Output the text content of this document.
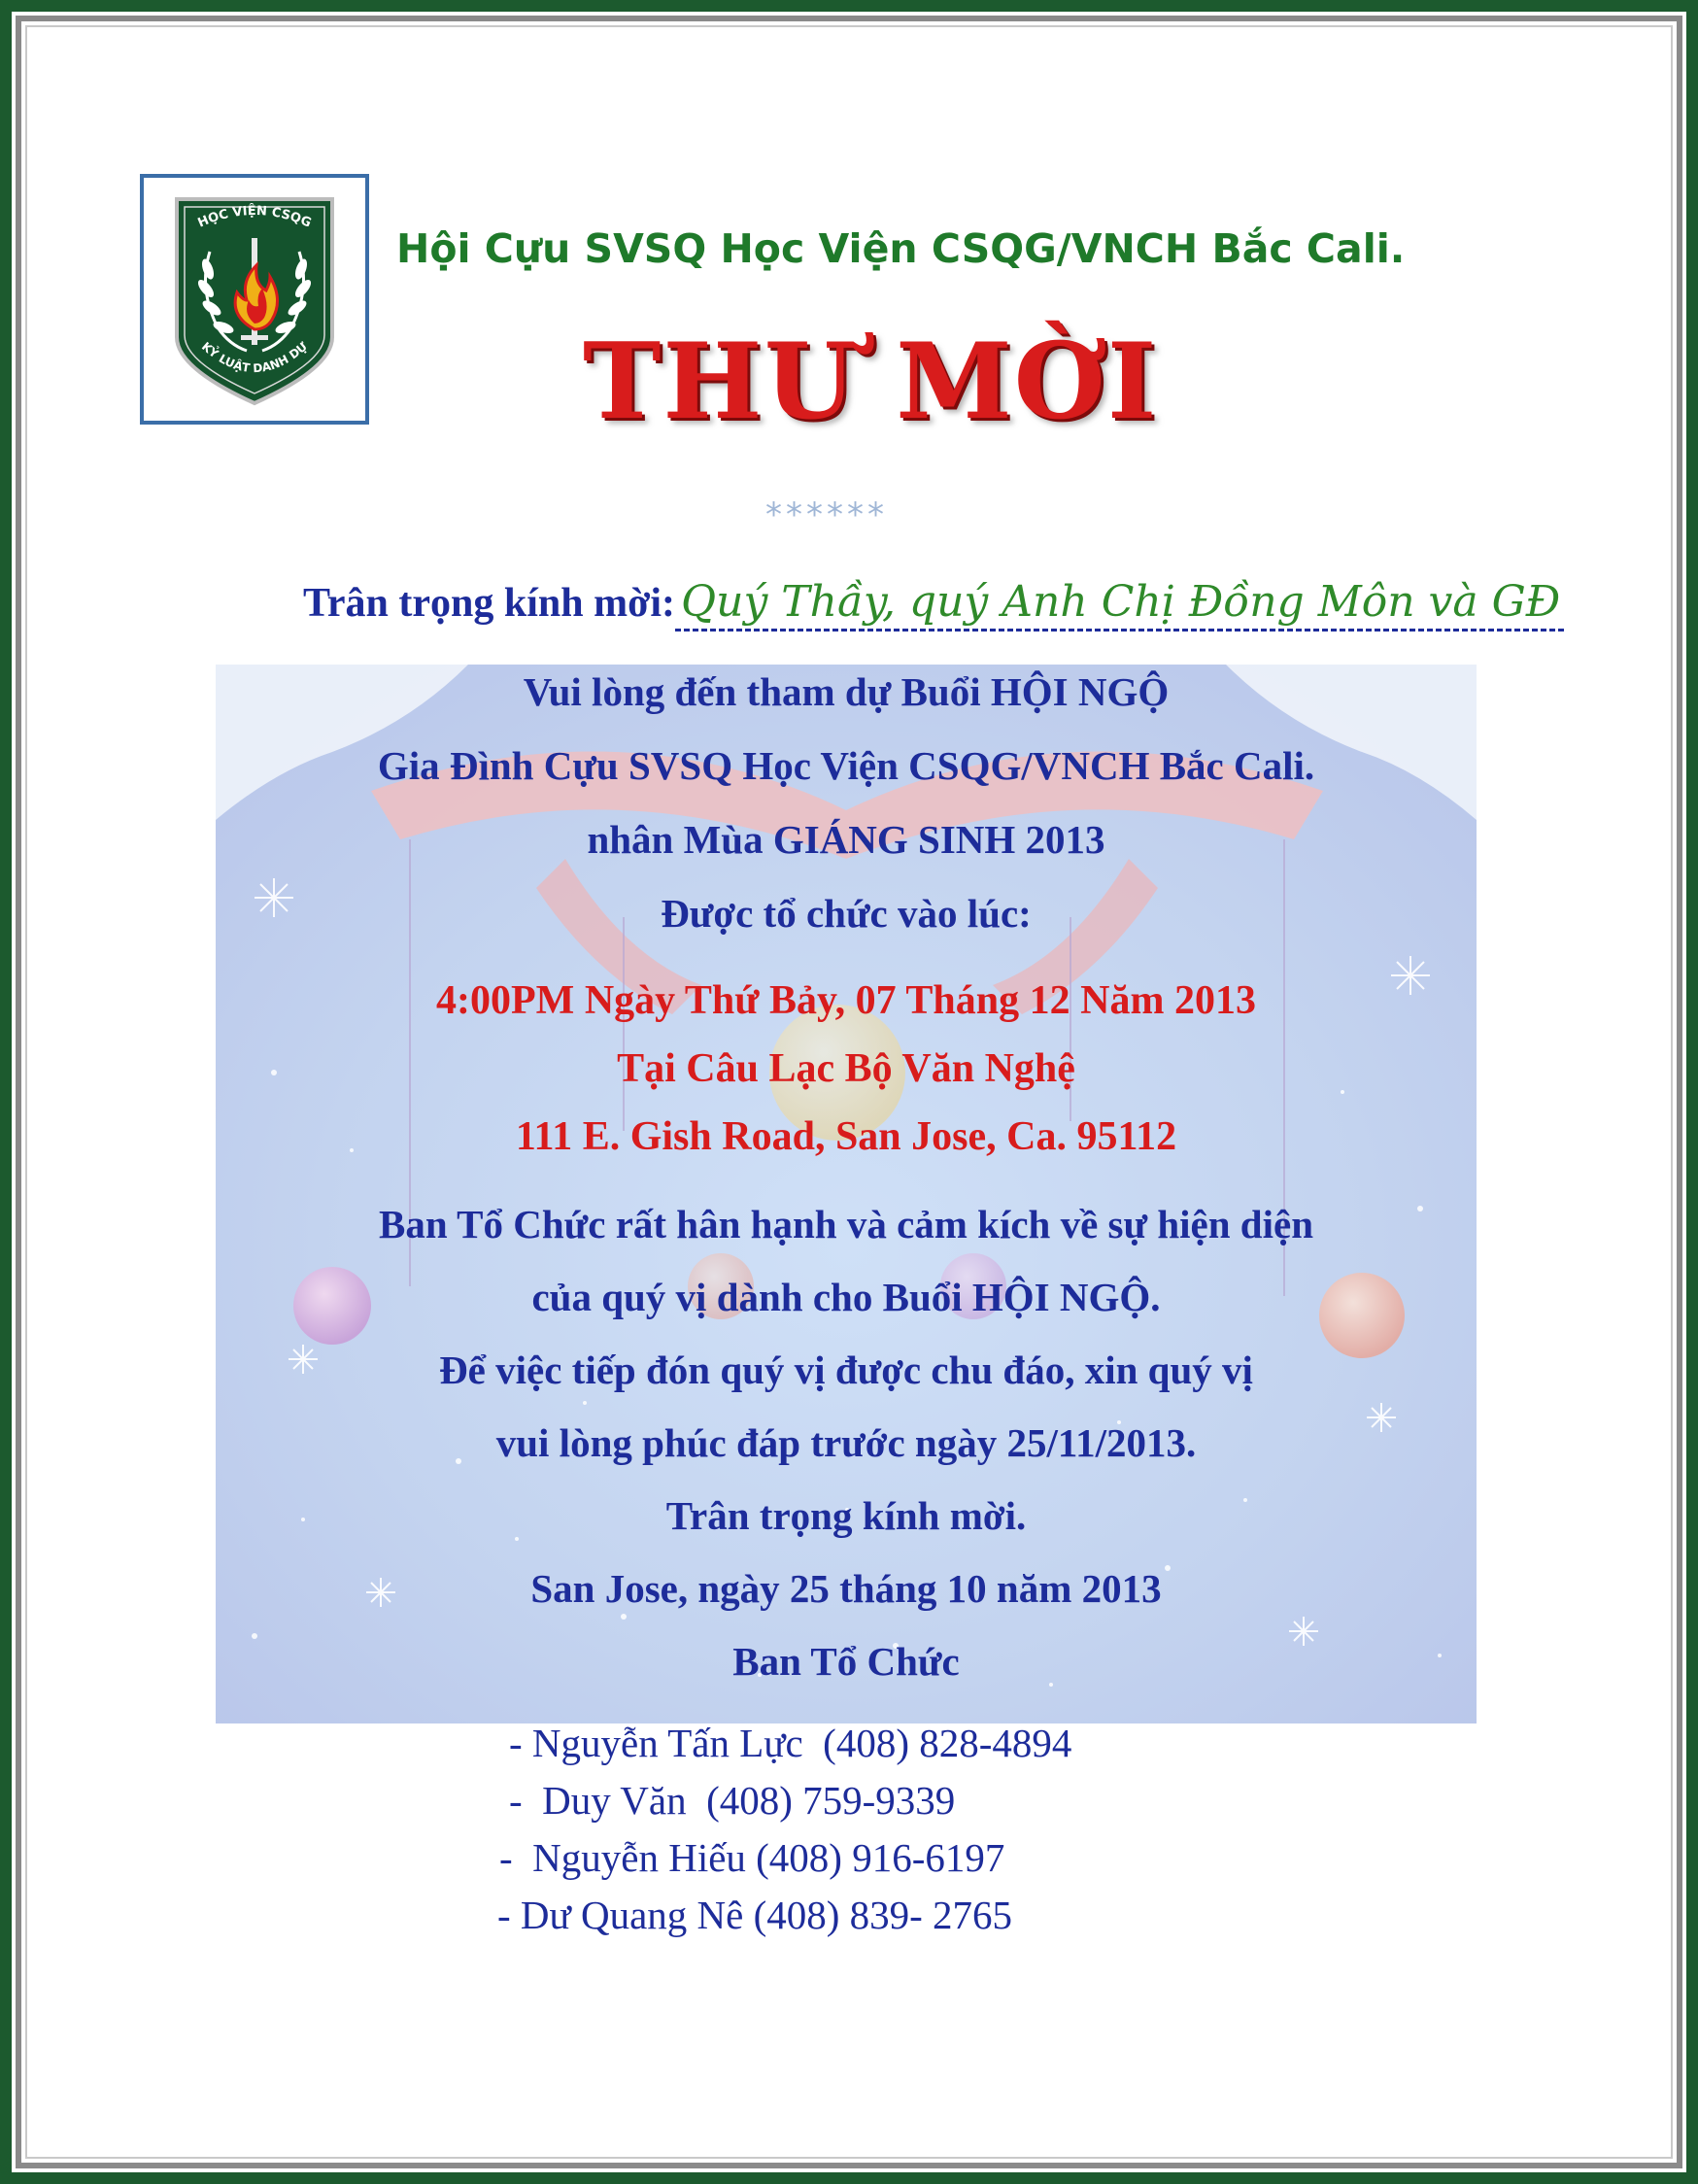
HỌC VIỆN CSQG
KỶ LUẬT DANH DỰ
Hội Cựu SVSQ Học Viện CSQG/VNCH Bắc Cali.
THƯ MỜI
******
Trân trọng kính mời: Quý Thầy, quý Anh Chị Đồng Môn và GĐ
Vui lòng đến tham dự Buổi HỘI NGỘ
Gia Đình Cựu SVSQ Học Viện CSQG/VNCH Bắc Cali.
nhân Mùa GIÁNG SINH 2013
Được tổ chức vào lúc:
4:00PM Ngày Thứ Bảy, 07 Tháng 12 Năm 2013
Tại Câu Lạc Bộ Văn Nghệ
111 E. Gish Road, San Jose, Ca. 95112
Ban Tổ Chức rất hân hạnh và cảm kích về sự hiện diện
của quý vị dành cho Buổi HỘI NGỘ.
Để việc tiếp đón quý vị được chu đáo, xin quý vị
vui lòng phúc đáp trước ngày 25/11/2013.
Trân trọng kính mời.
San Jose, ngày 25 tháng 10 năm 2013
Ban Tổ Chức
- Nguyễn Tấn Lực  (408) 828-4894
-  Duy Văn  (408) 759-9339
-  Nguyễn Hiếu (408) 916-6197
- Dư Quang Nê (408) 839- 2765
